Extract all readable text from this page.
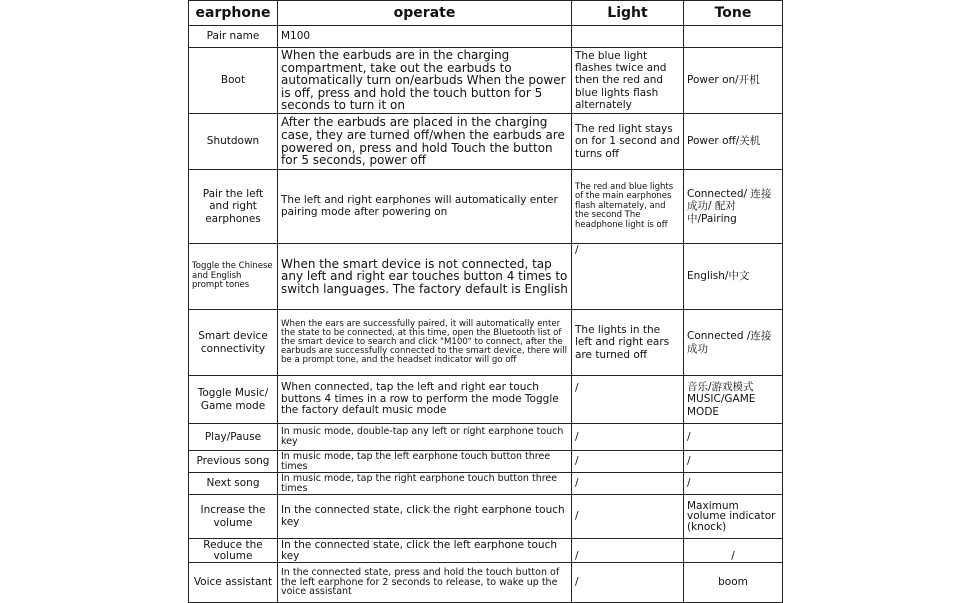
earphone	operate	Light	Tone
Pair name	M100		
Boot	When the earbuds are in the charging compartment, take out the earbuds to automatically turn on/earbuds When the power is off, press and hold the touch button for 5 seconds to turn it on	The blue light flashes twice and then the red and blue lights flash alternately	Power on/开机
Shutdown	After the earbuds are placed in the charging case, they are turned off/when the earbuds are powered on, press and hold Touch the button for 5 seconds, power off	The red light stays on for 1 second and turns off	Power off/关机
Pair the left and right earphones	The left and right earphones will automatically enter pairing mode after powering on	The red and blue lights of the main earphones flash alternately, and the second The headphone light is off	Connected/ 连接成功/ 配对中/Pairing
Toggle the Chinese and English prompt tones	When the smart device is not connected, tap any left and right ear touches button 4 times to switch languages. The factory default is English	/	English/中文
Smart device connectivity	When the ears are successfully paired, it will automatically enter the state to be connected, at this time, open the Bluetooth list of the smart device to search and click "M100" to connect, after the earbuds are successfully connected to the smart device, there will be a prompt tone, and the headset indicator will go off	The lights in the left and right ears are turned off	Connected /连接成功
Toggle Music/ Game mode	When connected, tap the left and right ear touch buttons 4 times in a row to perform the mode Toggle the factory default music mode	/	音乐/游戏模式 MUSIC/GAME MODE
Play/Pause	In music mode, double-tap any left or right earphone touch key	/	/
Previous song	In music mode, tap the left earphone touch button three times	/	/
Next song	In music mode, tap the right earphone touch button three times	/	/
Increase the volume	In the connected state, click the right earphone touch key	/	Maximum volume indicator (knock)
Reduce the volume	In the connected state, click the left earphone touch key	/	/
Voice assistant	In the connected state, press and hold the touch button of the left earphone for 2 seconds to release, to wake up the voice assistant	/	boom
